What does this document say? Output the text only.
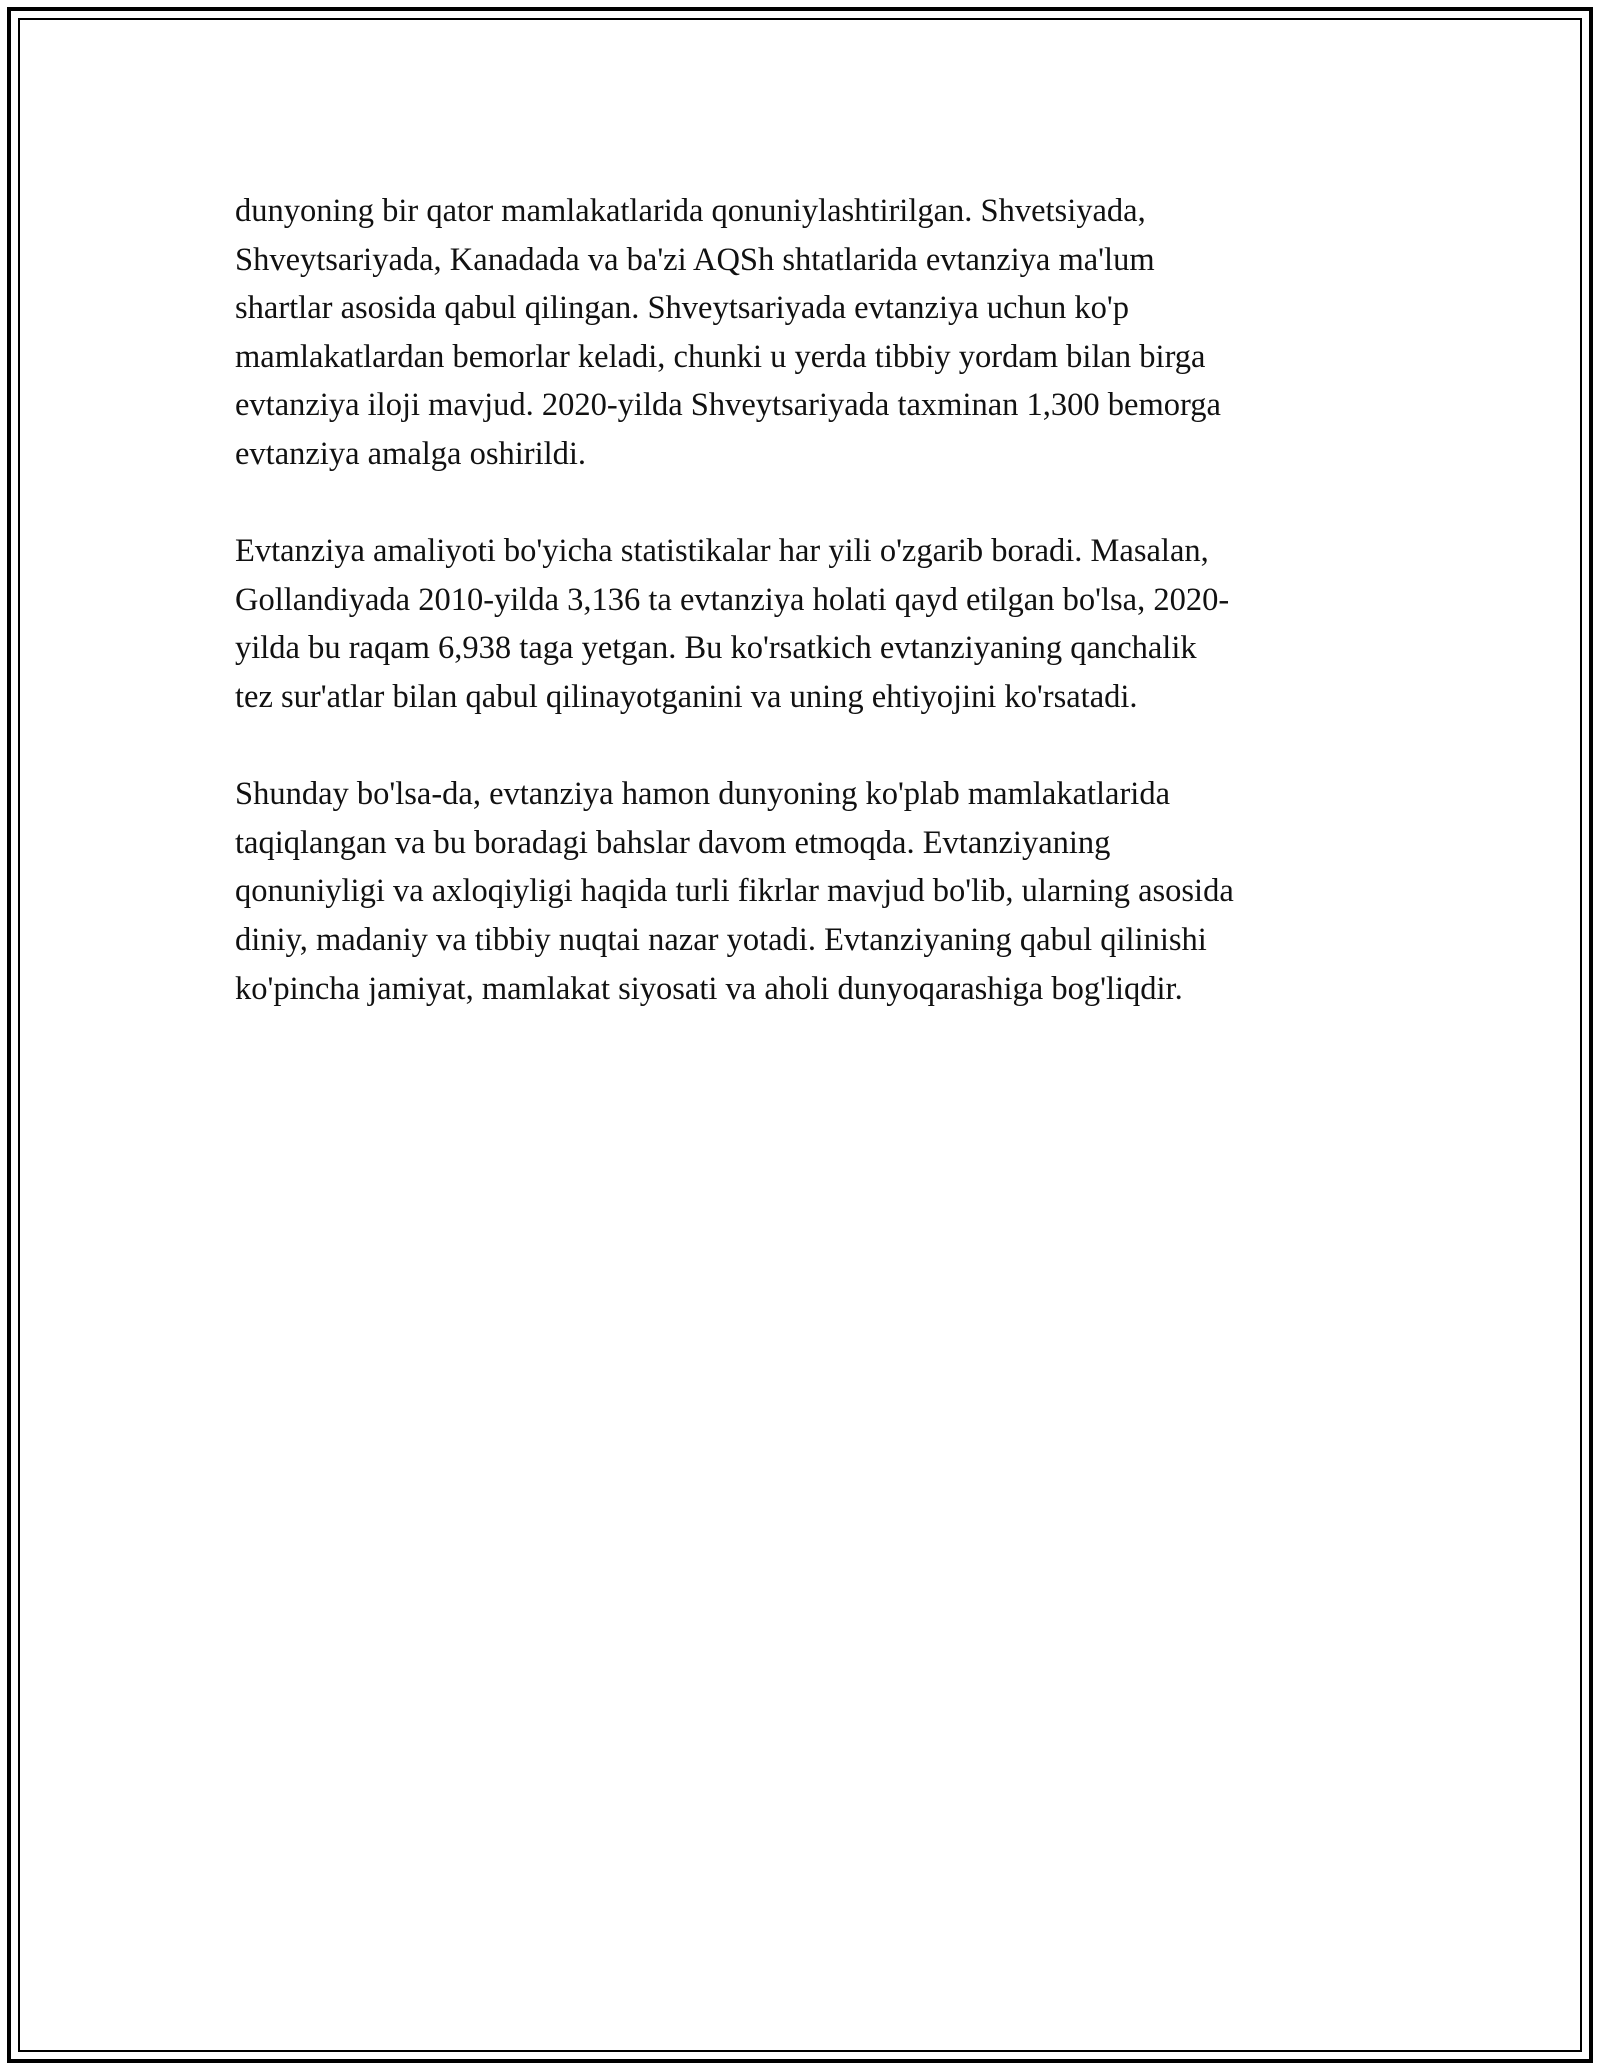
dunyoning bir qator mamlakatlarida qonuniylashtirilgan. Shvetsiyada,
Shveytsariyada, Kanadada va ba'zi AQSh shtatlarida evtanziya ma'lum
shartlar asosida qabul qilingan. Shveytsariyada evtanziya uchun ko'p
mamlakatlardan bemorlar keladi, chunki u yerda tibbiy yordam bilan birga
evtanziya iloji mavjud. 2020-yilda Shveytsariyada taxminan 1,300 bemorga
evtanziya amalga oshirildi.

Evtanziya amaliyoti bo'yicha statistikalar har yili o'zgarib boradi. Masalan,
Gollandiyada 2010-yilda 3,136 ta evtanziya holati qayd etilgan bo'lsa, 2020-
yilda bu raqam 6,938 taga yetgan. Bu ko'rsatkich evtanziyaning qanchalik
tez sur'atlar bilan qabul qilinayotganini va uning ehtiyojini ko'rsatadi.

Shunday bo'lsa-da, evtanziya hamon dunyoning ko'plab mamlakatlarida
taqiqlangan va bu boradagi bahslar davom etmoqda. Evtanziyaning
qonuniyligi va axloqiyligi haqida turli fikrlar mavjud bo'lib, ularning asosida
diniy, madaniy va tibbiy nuqtai nazar yotadi. Evtanziyaning qabul qilinishi
ko'pincha jamiyat, mamlakat siyosati va aholi dunyoqarashiga bog'liqdir.
